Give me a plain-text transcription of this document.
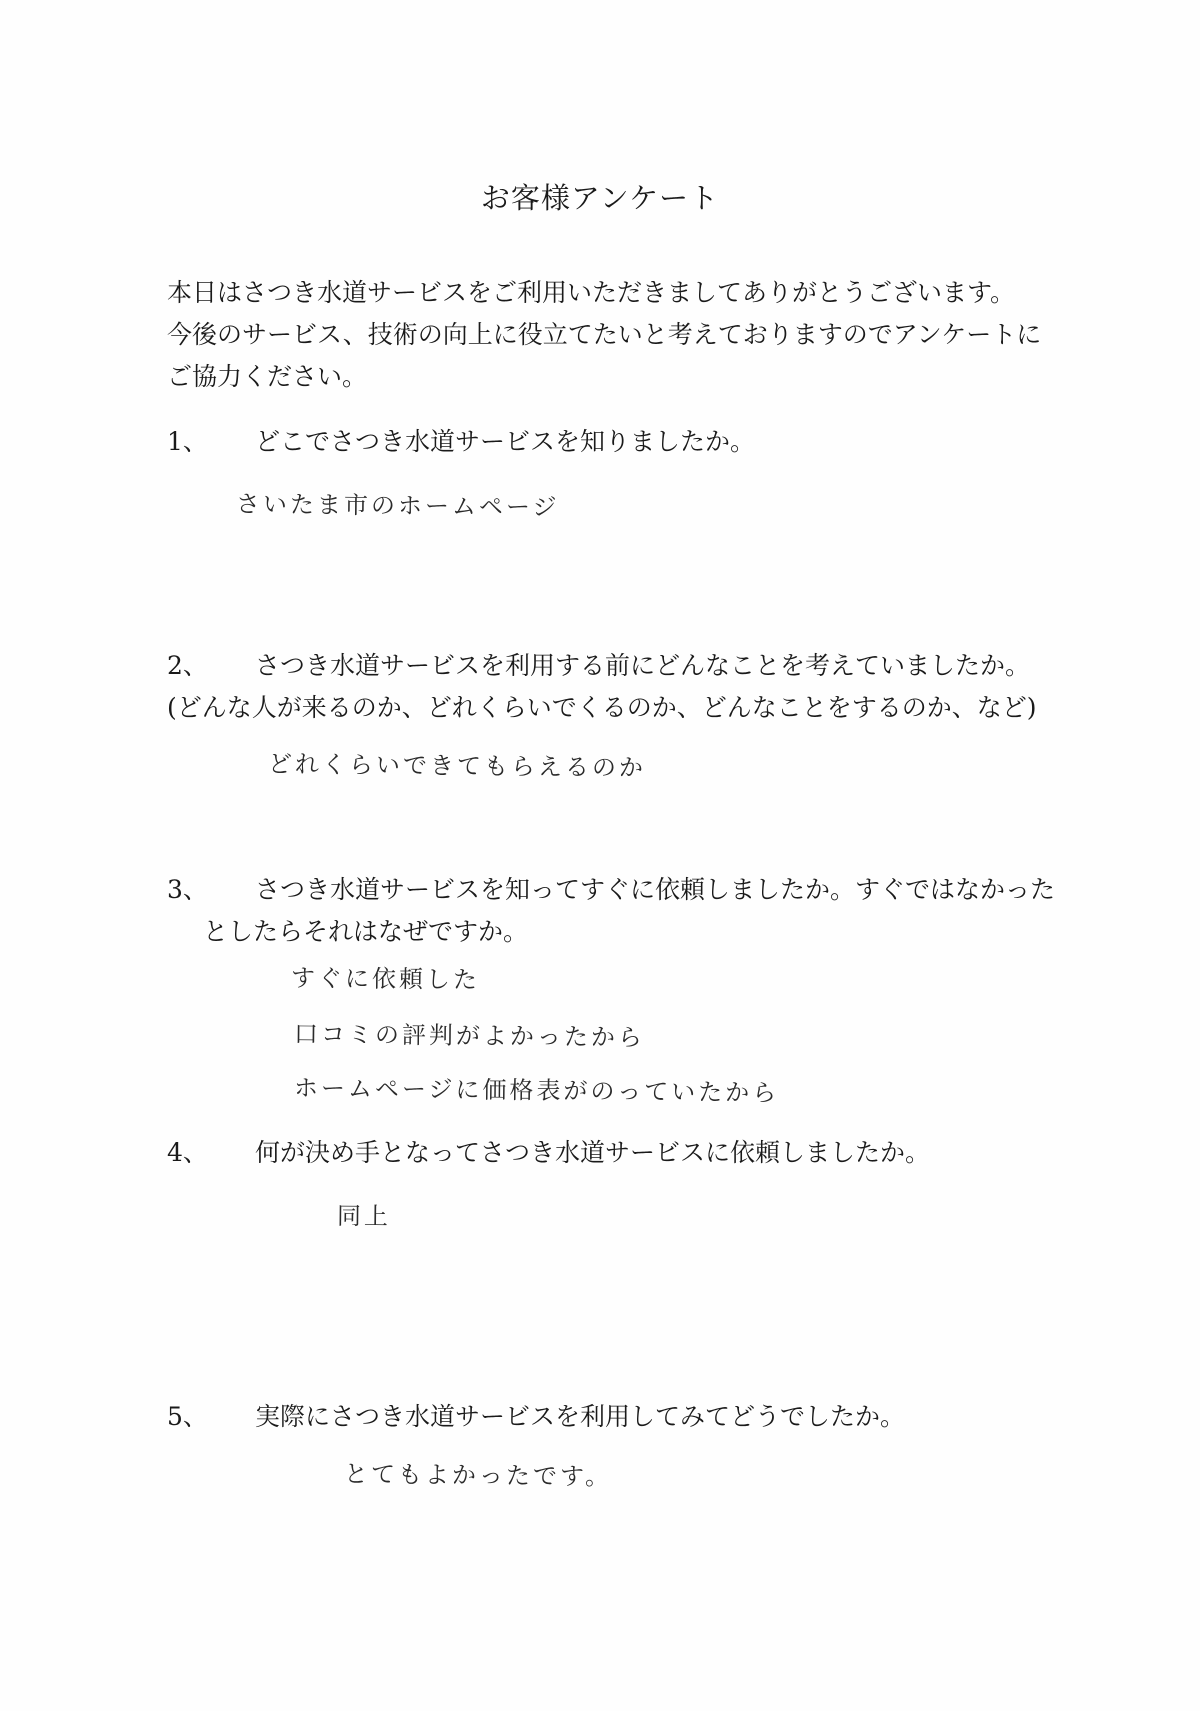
お客様アンケート
本日はさつき水道サービスをご利用いただきましてありがとうございます。
今後のサービス、技術の向上に役立てたいと考えておりますのでアンケートに
ご協力ください。
1、 どこでさつき水道サービスを知りましたか。
さいたま市のホームページ
2、 さつき水道サービスを利用する前にどんなことを考えていましたか。
(どんな人が来るのか、どれくらいでくるのか、どんなことをするのか、など)
どれくらいできてもらえるのか
3、 さつき水道サービスを知ってすぐに依頼しましたか。すぐではなかった
としたらそれはなぜですか。
すぐに依頼した
口コミの評判がよかったから
ホームページに価格表がのっていたから
4、 何が決め手となってさつき水道サービスに依頼しましたか。
同上
5、 実際にさつき水道サービスを利用してみてどうでしたか。
とてもよかったです。
